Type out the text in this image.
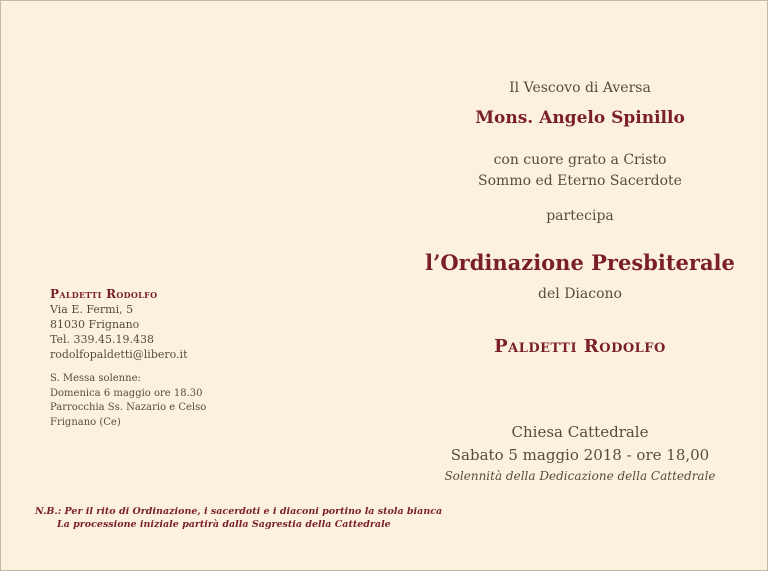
Il Vescovo di Aversa
Mons. Angelo Spinillo
con cuore grato a Cristo
Sommo ed Eterno Sacerdote
partecipa
l’Ordinazione Presbiterale
del Diacono
Paldetti Rodolfo
Chiesa Cattedrale
Sabato 5 maggio 2018 - ore 18,00
Solennità della Dedicazione della Cattedrale
Paldetti Rodolfo
Via E. Fermi, 5
81030 Frignano
Tel. 339.45.19.438
rodolfopaldetti@libero.it
S. Messa solenne:
Domenica 6 maggio ore 18.30
Parrocchia Ss. Nazario e Celso
Frignano (Ce)
N.B.: Per il rito di Ordinazione, i sacerdoti e i diaconi portino la stola bianca
La processione iniziale partirà dalla Sagrestia della Cattedrale
